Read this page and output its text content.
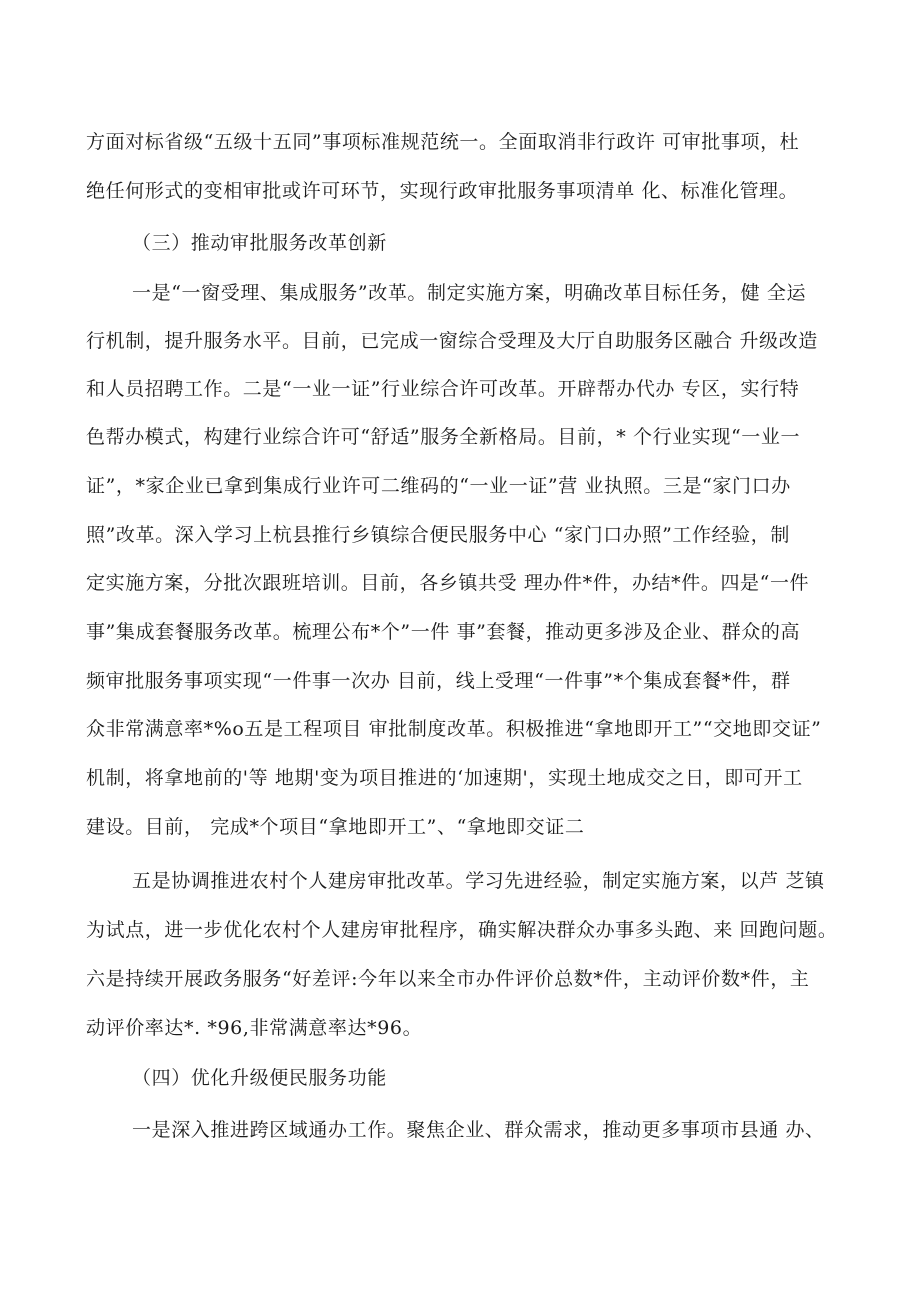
方面对标省级“五级十五同”事项标准规范统一。全面取消非行政许 可审批事项，杜
绝任何形式的变相审批或许可环节，实现行政审批服务事项清单 化、标准化管理。
（三）推动审批服务改革创新
一是“一窗受理、集成服务”改革。制定实施方案，明确改革目标任务，健 全运
行机制，提升服务水平。目前，已完成一窗综合受理及大厅自助服务区融合 升级改造
和人员招聘工作。二是“一业一证”行业综合许可改革。开辟帮办代办 专区，实行特
色帮办模式，构建行业综合许可“舒适”服务全新格局。目前，* 个行业实现“一业一
证”，*家企业已拿到集成行业许可二维码的“一业一证”营 业执照。三是“家门口办
照”改革。深入学习上杭县推行乡镇综合便民服务中心 “家门口办照”工作经验，制
定实施方案，分批次跟班培训。目前，各乡镇共受 理办件*件，办结*件。四是“一件
事”集成套餐服务改革。梳理公布*个”一件 事”套餐，推动更多涉及企业、群众的高
频审批服务事项实现“一件事一次办 目前，线上受理“一件事”*个集成套餐*件，群
众非常满意率*%o五是工程项目 审批制度改革。积极推进“拿地即开工”“交地即交证”
机制，将拿地前的'等 地期'变为项目推进的‘加速期'，实现土地成交之日，即可开工
建设。目前， 完成*个项目“拿地即开工”、“拿地即交证二
五是协调推进农村个人建房审批改革。学习先进经验，制定实施方案，以芦 芝镇
为试点，进一步优化农村个人建房审批程序，确实解决群众办事多头跑、来 回跑问题。
六是持续开展政务服务“好差评:今年以来全市办件评价总数*件，主动评价数*件，主
动评价率达*. *96,非常满意率达*96。
（四）优化升级便民服务功能
一是深入推进跨区域通办工作。聚焦企业、群众需求，推动更多事项市县通 办、
